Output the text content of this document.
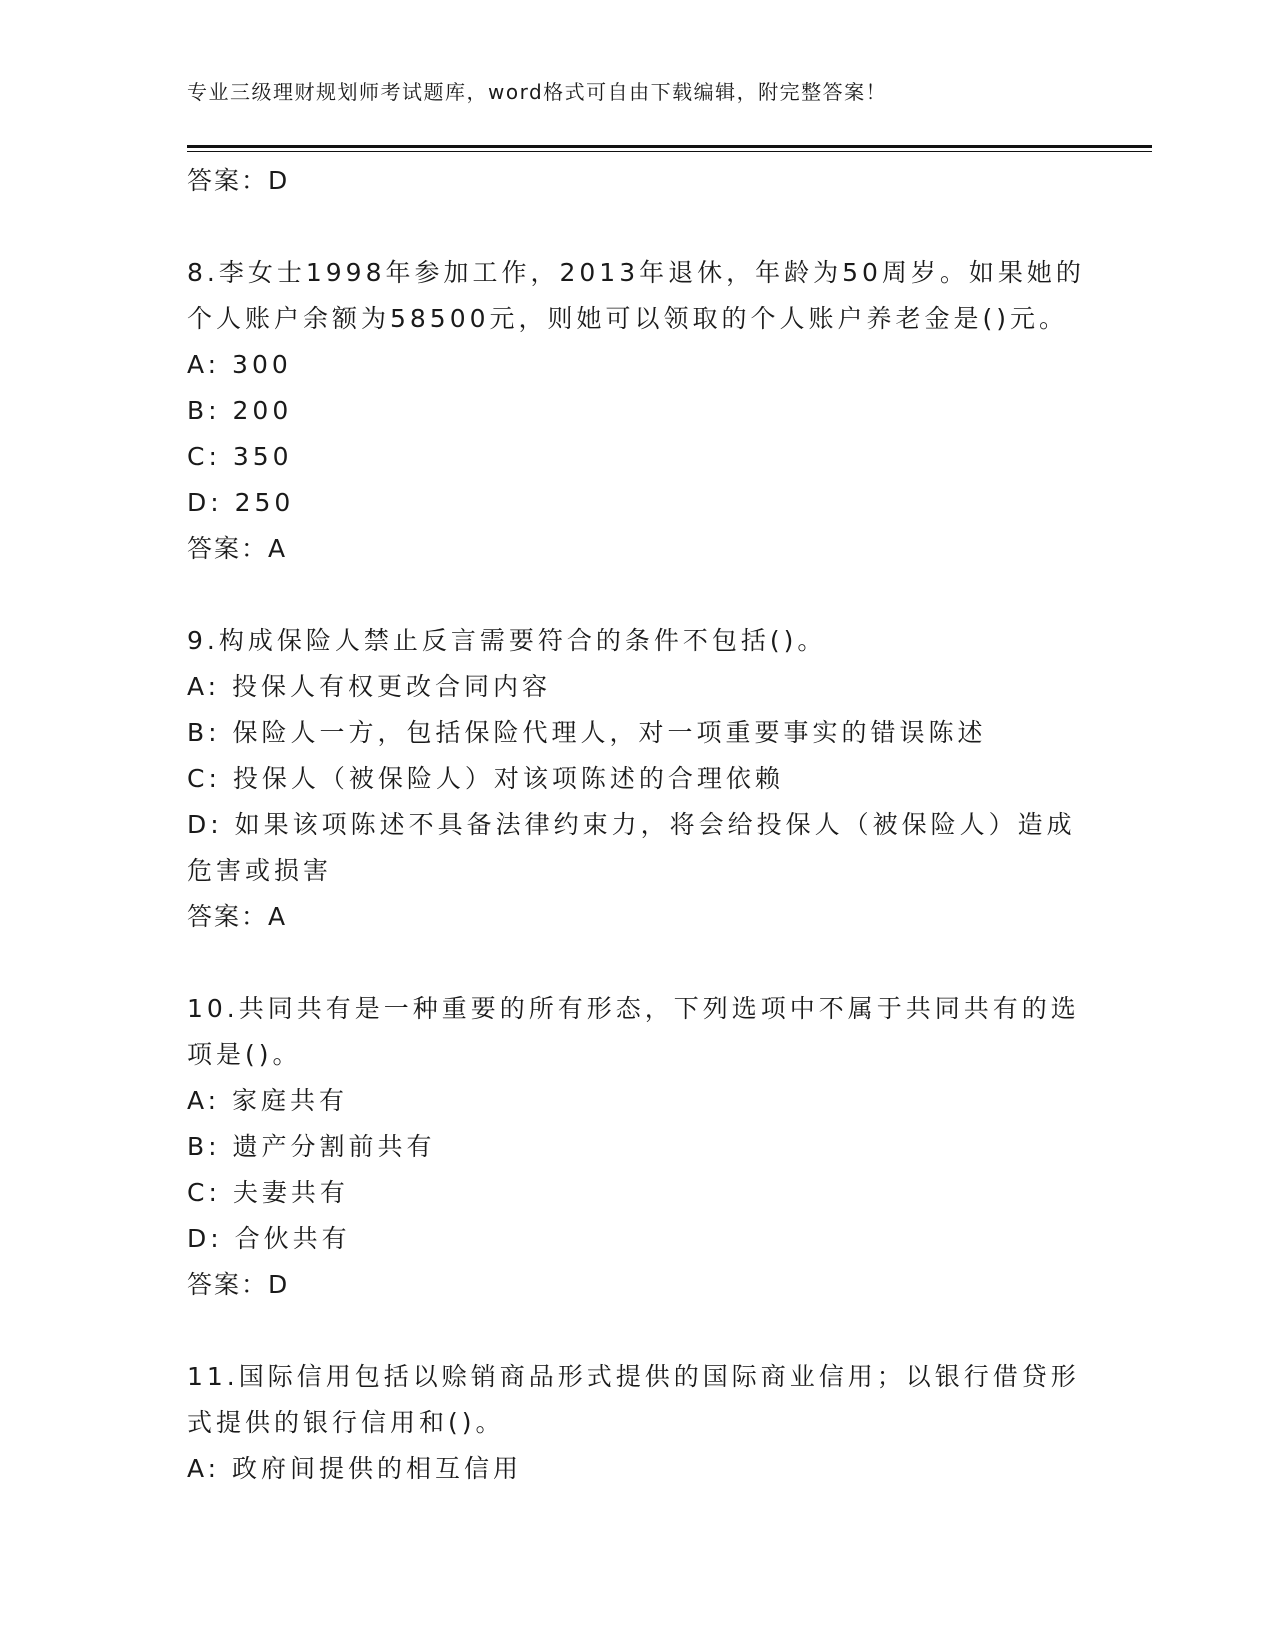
专业三级理财规划师考试题库，word格式可自由下载编辑，附完整答案！
答案：D
8.李女士1998年参加工作，2013年退休，年龄为50周岁。如果她的
个人账户余额为58500元，则她可以领取的个人账户养老金是()元。
A: 300
B: 200
C: 350
D: 250
答案：A
9.构成保险人禁止反言需要符合的条件不包括()。
A: 投保人有权更改合同内容
B: 保险人一方，包括保险代理人，对一项重要事实的错误陈述
C: 投保人（被保险人）对该项陈述的合理依赖
D: 如果该项陈述不具备法律约束力，将会给投保人（被保险人）造成
危害或损害
答案：A
10.共同共有是一种重要的所有形态，下列选项中不属于共同共有的选
项是()。
A: 家庭共有
B: 遗产分割前共有
C: 夫妻共有
D: 合伙共有
答案：D
11.国际信用包括以赊销商品形式提供的国际商业信用；以银行借贷形
式提供的银行信用和()。
A: 政府间提供的相互信用
